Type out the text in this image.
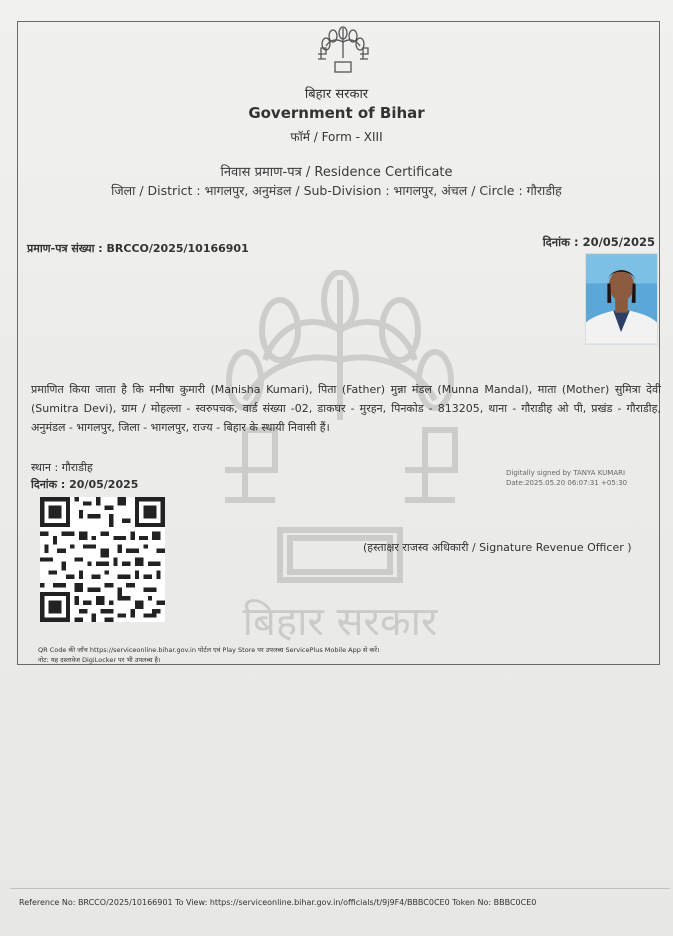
बिहार सरकार
बिहार सरकार
Government of Bihar
फॉर्म / Form - XIII
निवास प्रमाण-पत्र / Residence Certificate
जिला / District : भागलपुर, अनुमंडल / Sub-Division : भागलपुर, अंचल / Circle : गौराडीह
प्रमाण-पत्र संख्या : BRCCO/2025/10166901	दिनांक : 20/05/2025
प्रमाणित किया जाता है कि मनीषा कुमारी (Manisha Kumari), पिता (Father) मुन्ना मंडल (Munna Mandal), माता (Mother) सुमित्रा देवी (Sumitra Devi), ग्राम / मोहल्ला - स्वरुपचक, वार्ड संख्या -02, डाकघर - मुरहन, पिनकोड - 813205, थाना - गौराडीह ओ पी, प्रखंड - गौराडीह, अनुमंडल - भागलपुर, जिला - भागलपुर, राज्य - बिहार के स्थायी निवासी हैं।
स्थान : गौराडीह
दिनांक : 20/05/2025
Digitally signed by TANYA KUMARI
Date:2025.05.20 06:07:31 +05:30
(हस्ताक्षर राजस्व अधिकारी / Signature Revenue Officer )
QR Code की जाँच https://serviceonline.bihar.gov.in पोर्टल एवं Play Store पर उपलब्ध ServicePlus Mobile App से करें।
नोट: यह दस्तावेज DigiLocker पर भी उपलब्ध है।
Reference No: BRCCO/2025/10166901 To View: https://serviceonline.bihar.gov.in/officials/t/9j9F4/BBBC0CE0 Token No: BBBC0CE0
